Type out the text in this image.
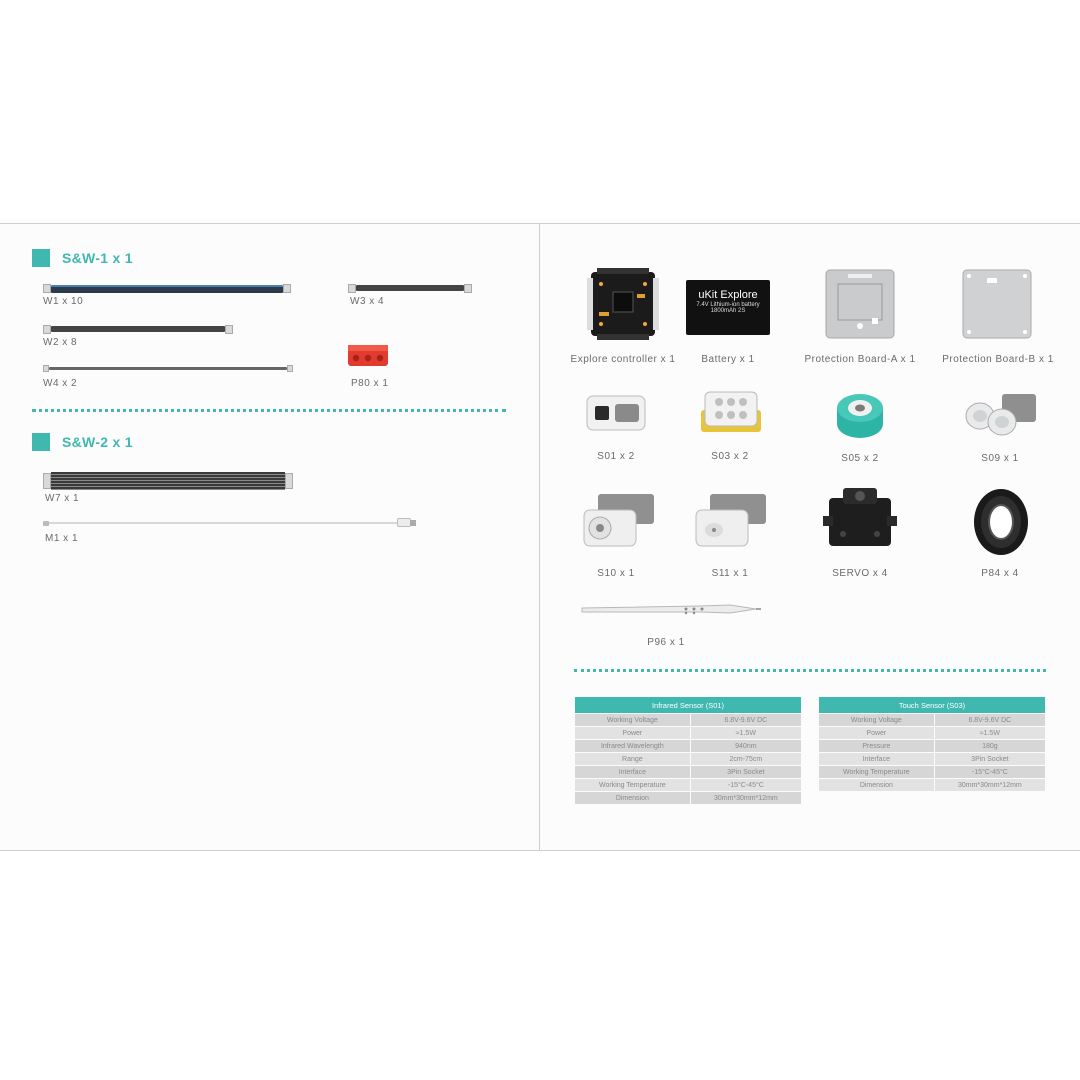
S&W-1 x 1
W1 x 10
W2 x 8
W4 x 2
W3 x 4
P80 x 1
S&W-2 x 1
W7 x 1
M1 x 1
Explore controller x 1
uKit Explore
7.4V Lithium-ion battery
1800mAh 2S
Battery x 1	Protection Board-A x 1	Protection Board-B x 1
S01 x 2	S03 x 2	S05 x 2	S09 x 1
S10 x 1	S11 x 1	SERVO x 4	P84 x 4
P96 x 1
Infrared Sensor (S01)	
Working Voltage	6.8V-9.6V DC
Power	≈1.5W
Infrared Wavelength	940nm
Range	2cm-75cm
Interface	3Pin Socket
Working Temperature	-15°C-45°C
Dimension	30mm*30mm*12mm
Touch Sensor (S03)	
Working Voltage	6.8V-9.6V DC
Power	≈1.5W
Pressure	180g
Interface	3Pin Socket
Working Temperature	-15°C-45°C
Dimension	30mm*30mm*12mm
